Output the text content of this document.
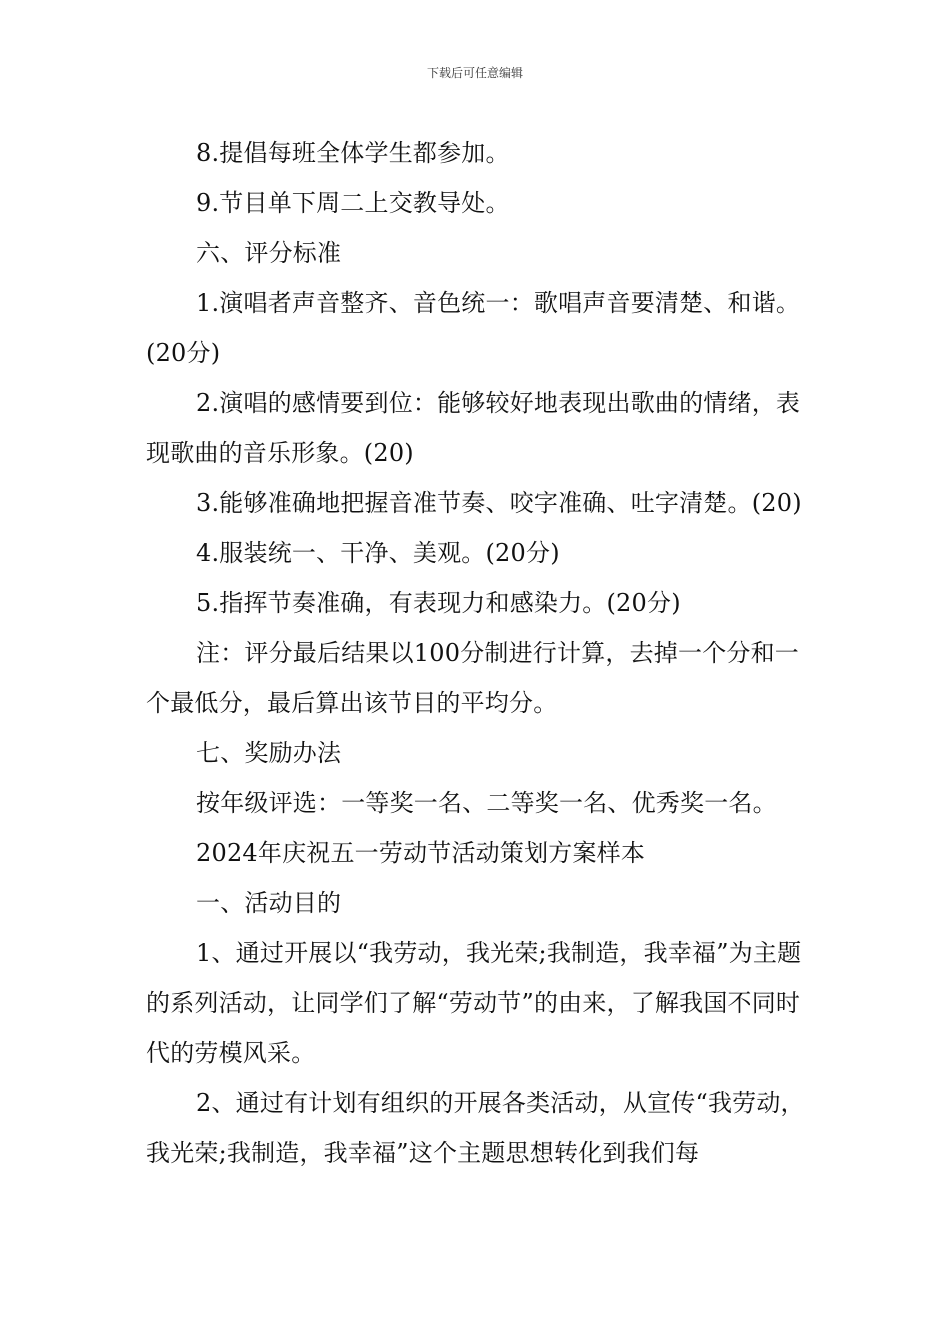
下载后可任意编辑

8.提倡每班全体学生都参加。

9.节目单下周二上交教导处。

六、评分标准

1.演唱者声音整齐、音色统一：歌唱声音要清楚、和谐。(20分)

2.演唱的感情要到位：能够较好地表现出歌曲的情绪，表现歌曲的音乐形象。(20)

3.能够准确地把握音准节奏、咬字准确、吐字清楚。(20)

4.服装统一、干净、美观。(20分)

5.指挥节奏准确，有表现力和感染力。(20分)

注：评分最后结果以100分制进行计算，去掉一个分和一个最低分，最后算出该节目的平均分。

七、奖励办法

按年级评选：一等奖一名、二等奖一名、优秀奖一名。

2024年庆祝五一劳动节活动策划方案样本

一、活动目的

1、通过开展以“我劳动，我光荣;我制造，我幸福”为主题的系列活动，让同学们了解“劳动节”的由来，了解我国不同时代的劳模风采。

2、通过有计划有组织的开展各类活动，从宣传“我劳动，我光荣;我制造，我幸福”这个主题思想转化到我们每
